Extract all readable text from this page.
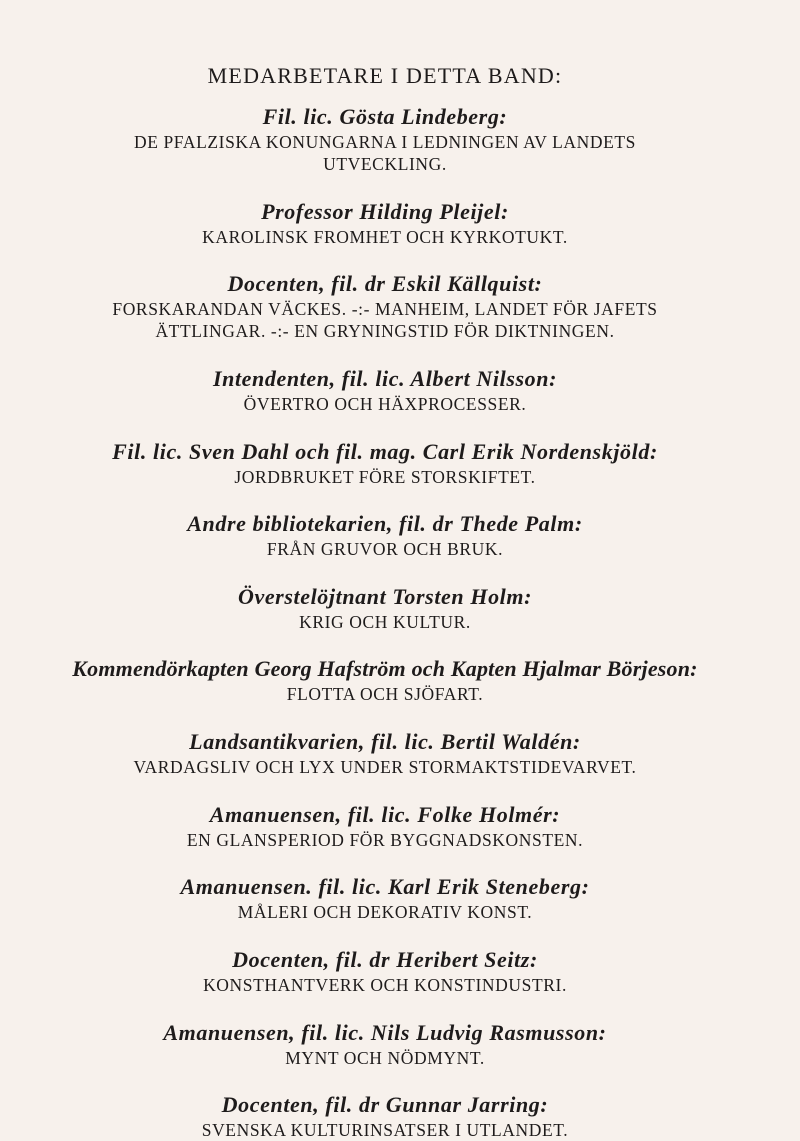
MEDARBETARE I DETTA BAND:
Fil. lic. Gösta Lindeberg:
DE PFALZISKA KONUNGARNA I LEDNINGEN AV LANDETS UTVECKLING.
Professor Hilding Pleijel:
KAROLINSK FROMHET OCH KYRKOTUKT.
Docenten, fil. dr Eskil Källquist:
FORSKARANDAN VÄCKES. -:- MANHEIM, LANDET FÖR JAFETS ÄTTLINGAR. -:- EN GRYNINGSTID FÖR DIKTNINGEN.
Intendenten, fil. lic. Albert Nilsson:
ÖVERTRO OCH HÄXPROCESSER.
Fil. lic. Sven Dahl och fil. mag. Carl Erik Nordenskjöld:
JORDBRUKET FÖRE STORSKIFTET.
Andre bibliotekarien, fil. dr Thede Palm:
FRÅN GRUVOR OCH BRUK.
Överstelöjtnant Torsten Holm:
KRIG OCH KULTUR.
Kommendörkapten Georg Hafström och Kapten Hjalmar Börjeson:
FLOTTA OCH SJÖFART.
Landsantikvarien, fil. lic. Bertil Waldén:
VARDAGSLIV OCH LYX UNDER STORMAKTSTIDEVARVET.
Amanuensen, fil. lic. Folke Holmér:
EN GLANSPERIOD FÖR BYGGNADSKONSTEN.
Amanuensen. fil. lic. Karl Erik Steneberg:
MÅLERI OCH DEKORATIV KONST.
Docenten, fil. dr Heribert Seitz:
KONSTHANTVERK OCH KONSTINDUSTRI.
Amanuensen, fil. lic. Nils Ludvig Rasmusson:
MYNT OCH NÖDMYNT.
Docenten, fil. dr Gunnar Jarring:
SVENSKA KULTURINSATSER I UTLANDET.
